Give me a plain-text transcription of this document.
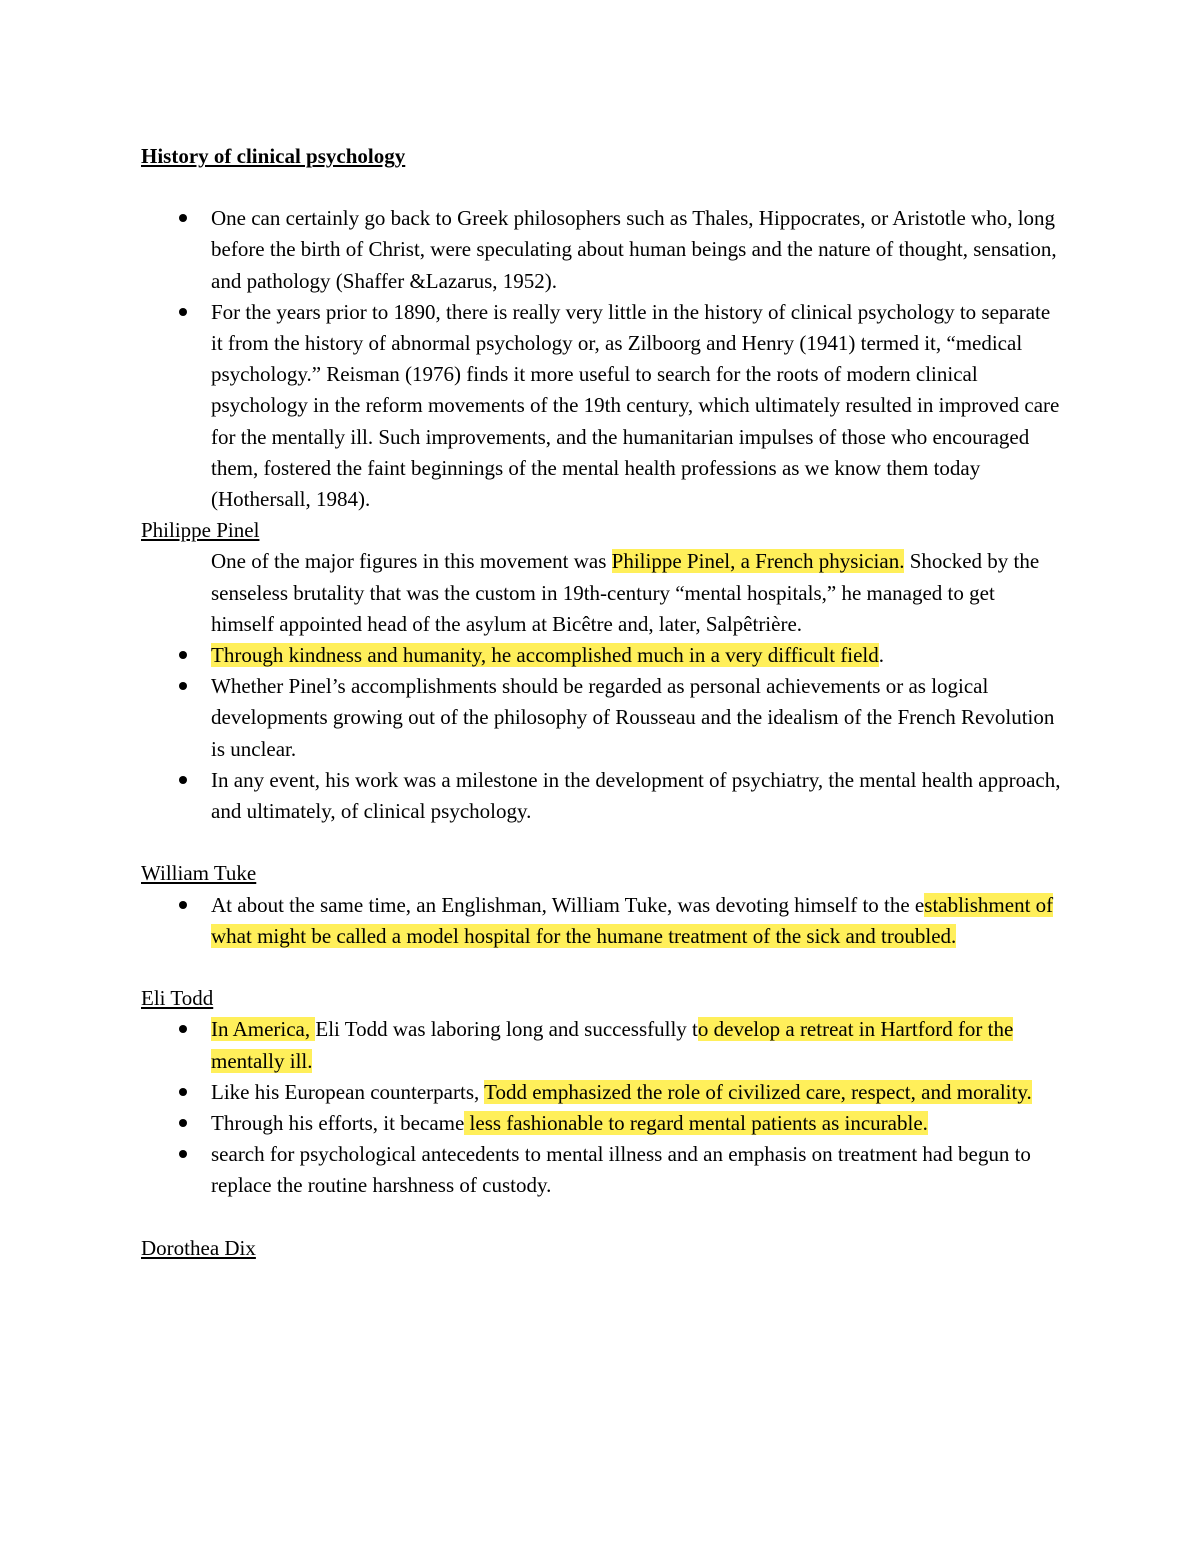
History of clinical psychology

One can certainly go back to Greek philosophers such as Thales, Hippocrates, or Aristotle who, long before the birth of Christ, were speculating about human beings and the nature of thought, sensation, and pathology (Shaffer &Lazarus, 1952).
For the years prior to 1890, there is really very little in the history of clinical psychology to separate it from the history of abnormal psychology or, as Zilboorg and Henry (1941) termed it, “medical psychology.” Reisman (1976) finds it more useful to search for the roots of modern clinical psychology in the reform movements of the 19th century, which ultimately resulted in improved care for the mentally ill. Such improvements, and the humanitarian impulses of those who encouraged them, fostered the faint beginnings of the mental health professions as we know them today (Hothersall, 1984).

Philippe Pinel

One of the major figures in this movement was Philippe Pinel, a French physician. Shocked by the senseless brutality that was the custom in 19th-century “mental hospitals,” he managed to get himself appointed head of the asylum at Bicêtre and, later, Salpêtrière.

Through kindness and humanity, he accomplished much in a very difficult field.
Whether Pinel’s accomplishments should be regarded as personal achievements or as logical developments growing out of the philosophy of Rousseau and the idealism of the French Revolution is unclear.
In any event, his work was a milestone in the development of psychiatry, the mental health approach, and ultimately, of clinical psychology.

William Tuke

At about the same time, an Englishman, William Tuke, was devoting himself to the establishment of what might be called a model hospital for the humane treatment of the sick and troubled.

Eli Todd

In America, Eli Todd was laboring long and successfully to develop a retreat in Hartford for the mentally ill.
Like his European counterparts, Todd emphasized the role of civilized care, respect, and morality.
Through his efforts, it became less fashionable to regard mental patients as incurable.
search for psychological antecedents to mental illness and an emphasis on treatment had begun to replace the routine harshness of custody.

Dorothea Dix
